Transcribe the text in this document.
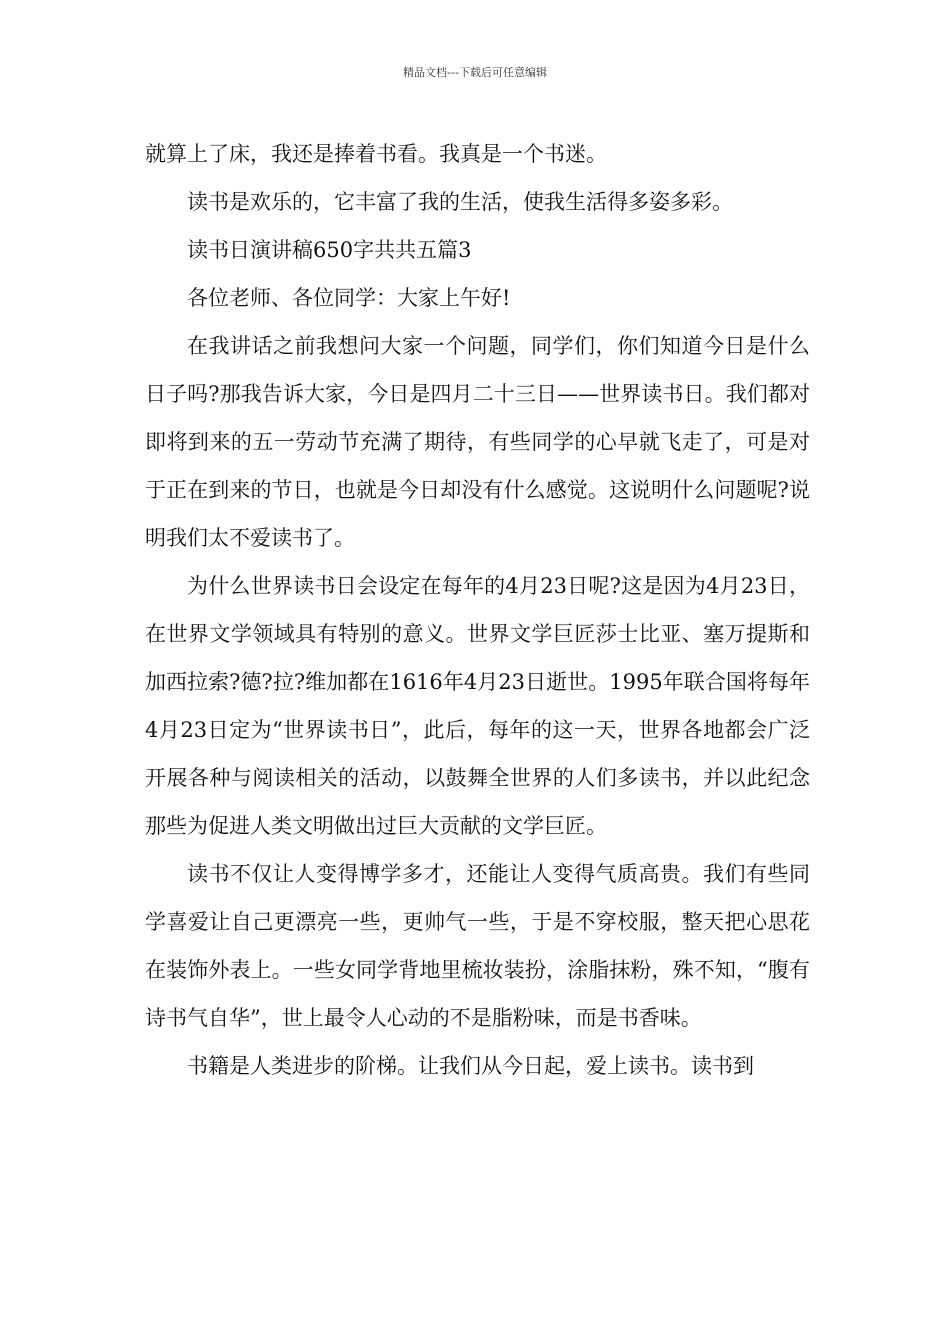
精品文档---下载后可任意编辑

就算上了床，我还是捧着书看。我真是一个书迷。

读书是欢乐的，它丰富了我的生活，使我生活得多姿多彩。

读书日演讲稿650字共共五篇3

各位老师、各位同学：大家上午好!

在我讲话之前我想问大家一个问题，同学们，你们知道今日是什么日子吗?那我告诉大家，今日是四月二十三日——世界读书日。我们都对即将到来的五一劳动节充满了期待，有些同学的心早就飞走了，可是对于正在到来的节日，也就是今日却没有什么感觉。这说明什么问题呢?说明我们太不爱读书了。

为什么世界读书日会设定在每年的4月23日呢?这是因为4月23日，在世界文学领域具有特别的意义。世界文学巨匠莎士比亚、塞万提斯和加西拉索?德?拉?维加都在1616年4月23日逝世。1995年联合国将每年4月23日定为“世界读书日”，此后，每年的这一天，世界各地都会广泛开展各种与阅读相关的活动，以鼓舞全世界的人们多读书，并以此纪念那些为促进人类文明做出过巨大贡献的文学巨匠。

读书不仅让人变得博学多才，还能让人变得气质高贵。我们有些同学喜爱让自己更漂亮一些，更帅气一些，于是不穿校服，整天把心思花在装饰外表上。一些女同学背地里梳妆装扮，涂脂抹粉，殊不知，“腹有诗书气自华”，世上最令人心动的不是脂粉味，而是书香味。

书籍是人类进步的阶梯。让我们从今日起，爱上读书。读书到
